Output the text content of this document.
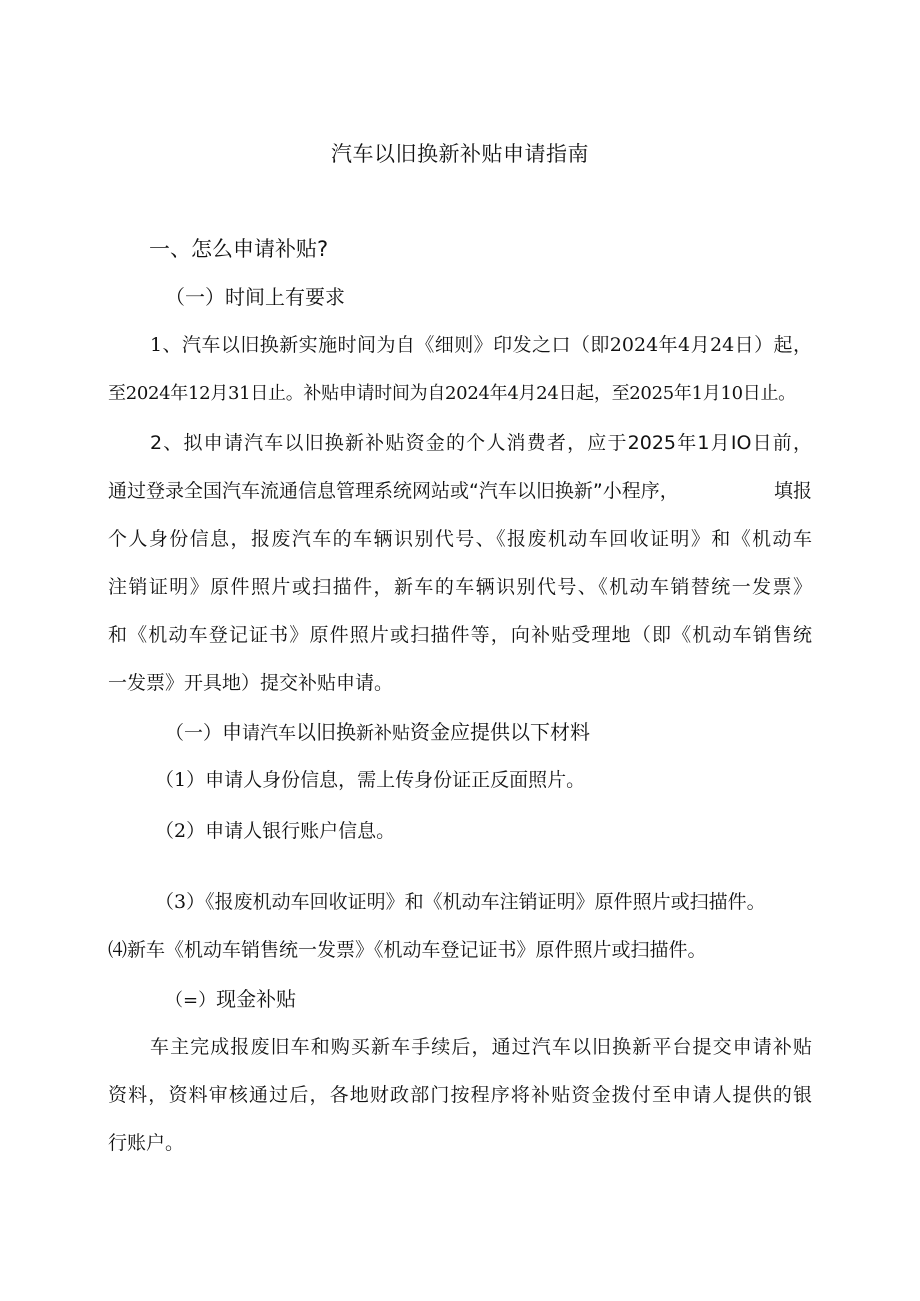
汽车以旧换新补贴申请指南
一、怎么申请补贴?
（一）时间上有要求
1、汽车以旧换新实施时间为自《细则》印发之口（即2024年4月24日）起，
至2024年12月31日止。补贴申请时间为自2024年4月24日起，至2025年1月10日止。
2、拟申请汽车以旧换新补贴资金的个人消费者，应于2025年1月IO日前，
通过登录全国汽车流通信息管理系统网站或“汽车以旧换新”小程序，	填报
个人身份信息，报废汽车的车辆识别代号、《报废机动车回收证明》和《机动车
注销证明》原件照片或扫描件，新车的车辆识别代号、《机动车销替统一发票》
和《机动车登记证书》原件照片或扫描件等，向补贴受理地（即《机动车销售统
一发票》开具地）提交补贴申请。
（一）申请汽车以旧换新补贴资金应提供以下材料
（1）申请人身份信息，需上传身份证正反面照片。
（2）申请人银行账户信息。
（3）《报废机动车回收证明》和《机动车注销证明》原件照片或扫描件。
⑷新车《机动车销售统一发票》《机动车登记证书》原件照片或扫描件。
（=）现金补贴
车主完成报废旧车和购买新车手续后，通过汽车以旧换新平台提交申请补贴
资料，资料审核通过后，各地财政部门按程序将补贴资金拨付至申请人提供的银
行账户。
